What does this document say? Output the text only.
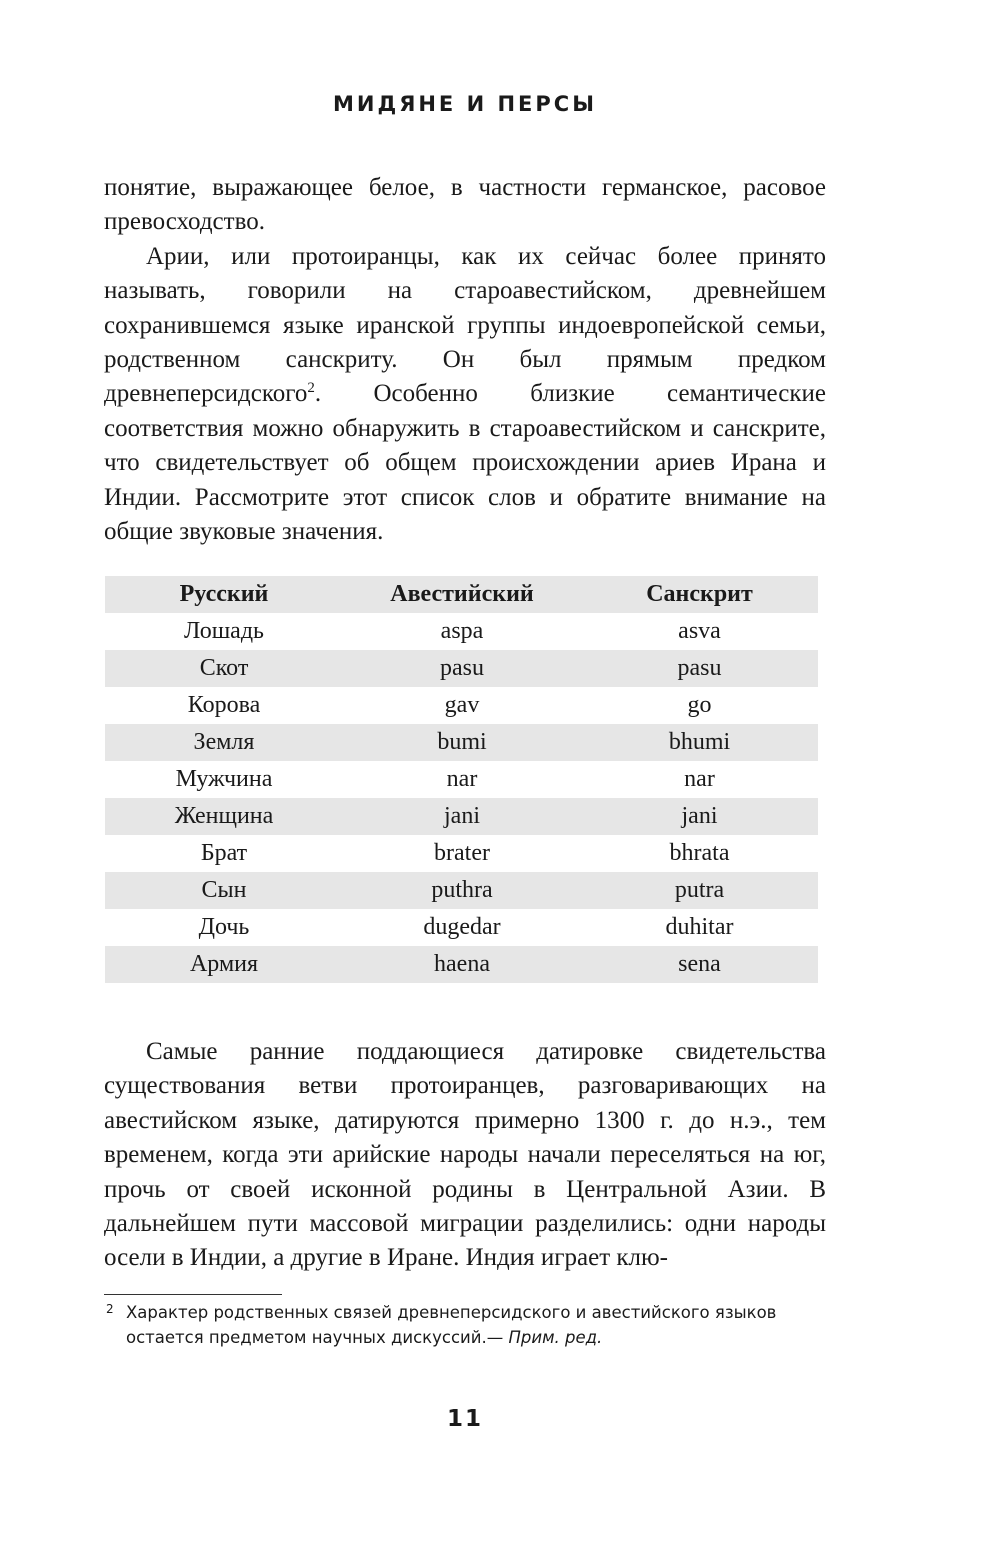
МИДЯНЕ И ПЕРСЫ

понятие, выражающее белое, в частности германское, расовое превосходство.

Арии, или протоиранцы, как их сейчас более принято называть, говорили на староавестийском, древнейшем сохранившемся языке иранской группы индоевропейской семьи, родственном санскриту. Он был прямым предком древнеперсидского$^2$. Особенно близкие семантические соответствия можно обнаружить в староавестийском и санскрите, что свидетельствует об общем происхождении ариев Ирана и Индии. Рассмотрите этот список слов и обратите внимание на общие звуковые значения.

Русский	Авестийский	Санскрит
Лошадь	aspa	asva
Скот	pasu	pasu
Корова	gav	go
Земля	bumi	bhumi
Мужчина	nar	nar
Женщина	jani	jani
Брат	brater	bhrata
Сын	puthra	putra
Дочь	dugedar	duhitar
Армия	haena	sena

Самые ранние поддающиеся датировке свидетельства существования ветви протоиранцев, разговаривающих на авестийском языке, датируются примерно 1300 г. до н.э., тем временем, когда эти арийские народы начали переселяться на юг, прочь от своей исконной родины в Центральной Азии. В дальнейшем пути массовой миграции разделились: одни народы осели в Индии, а другие в Иране. Индия играет клю-

2 Характер родственных связей древнеперсидского и авестийского языков остается предметом научных дискуссий.— Прим. ред.
11
